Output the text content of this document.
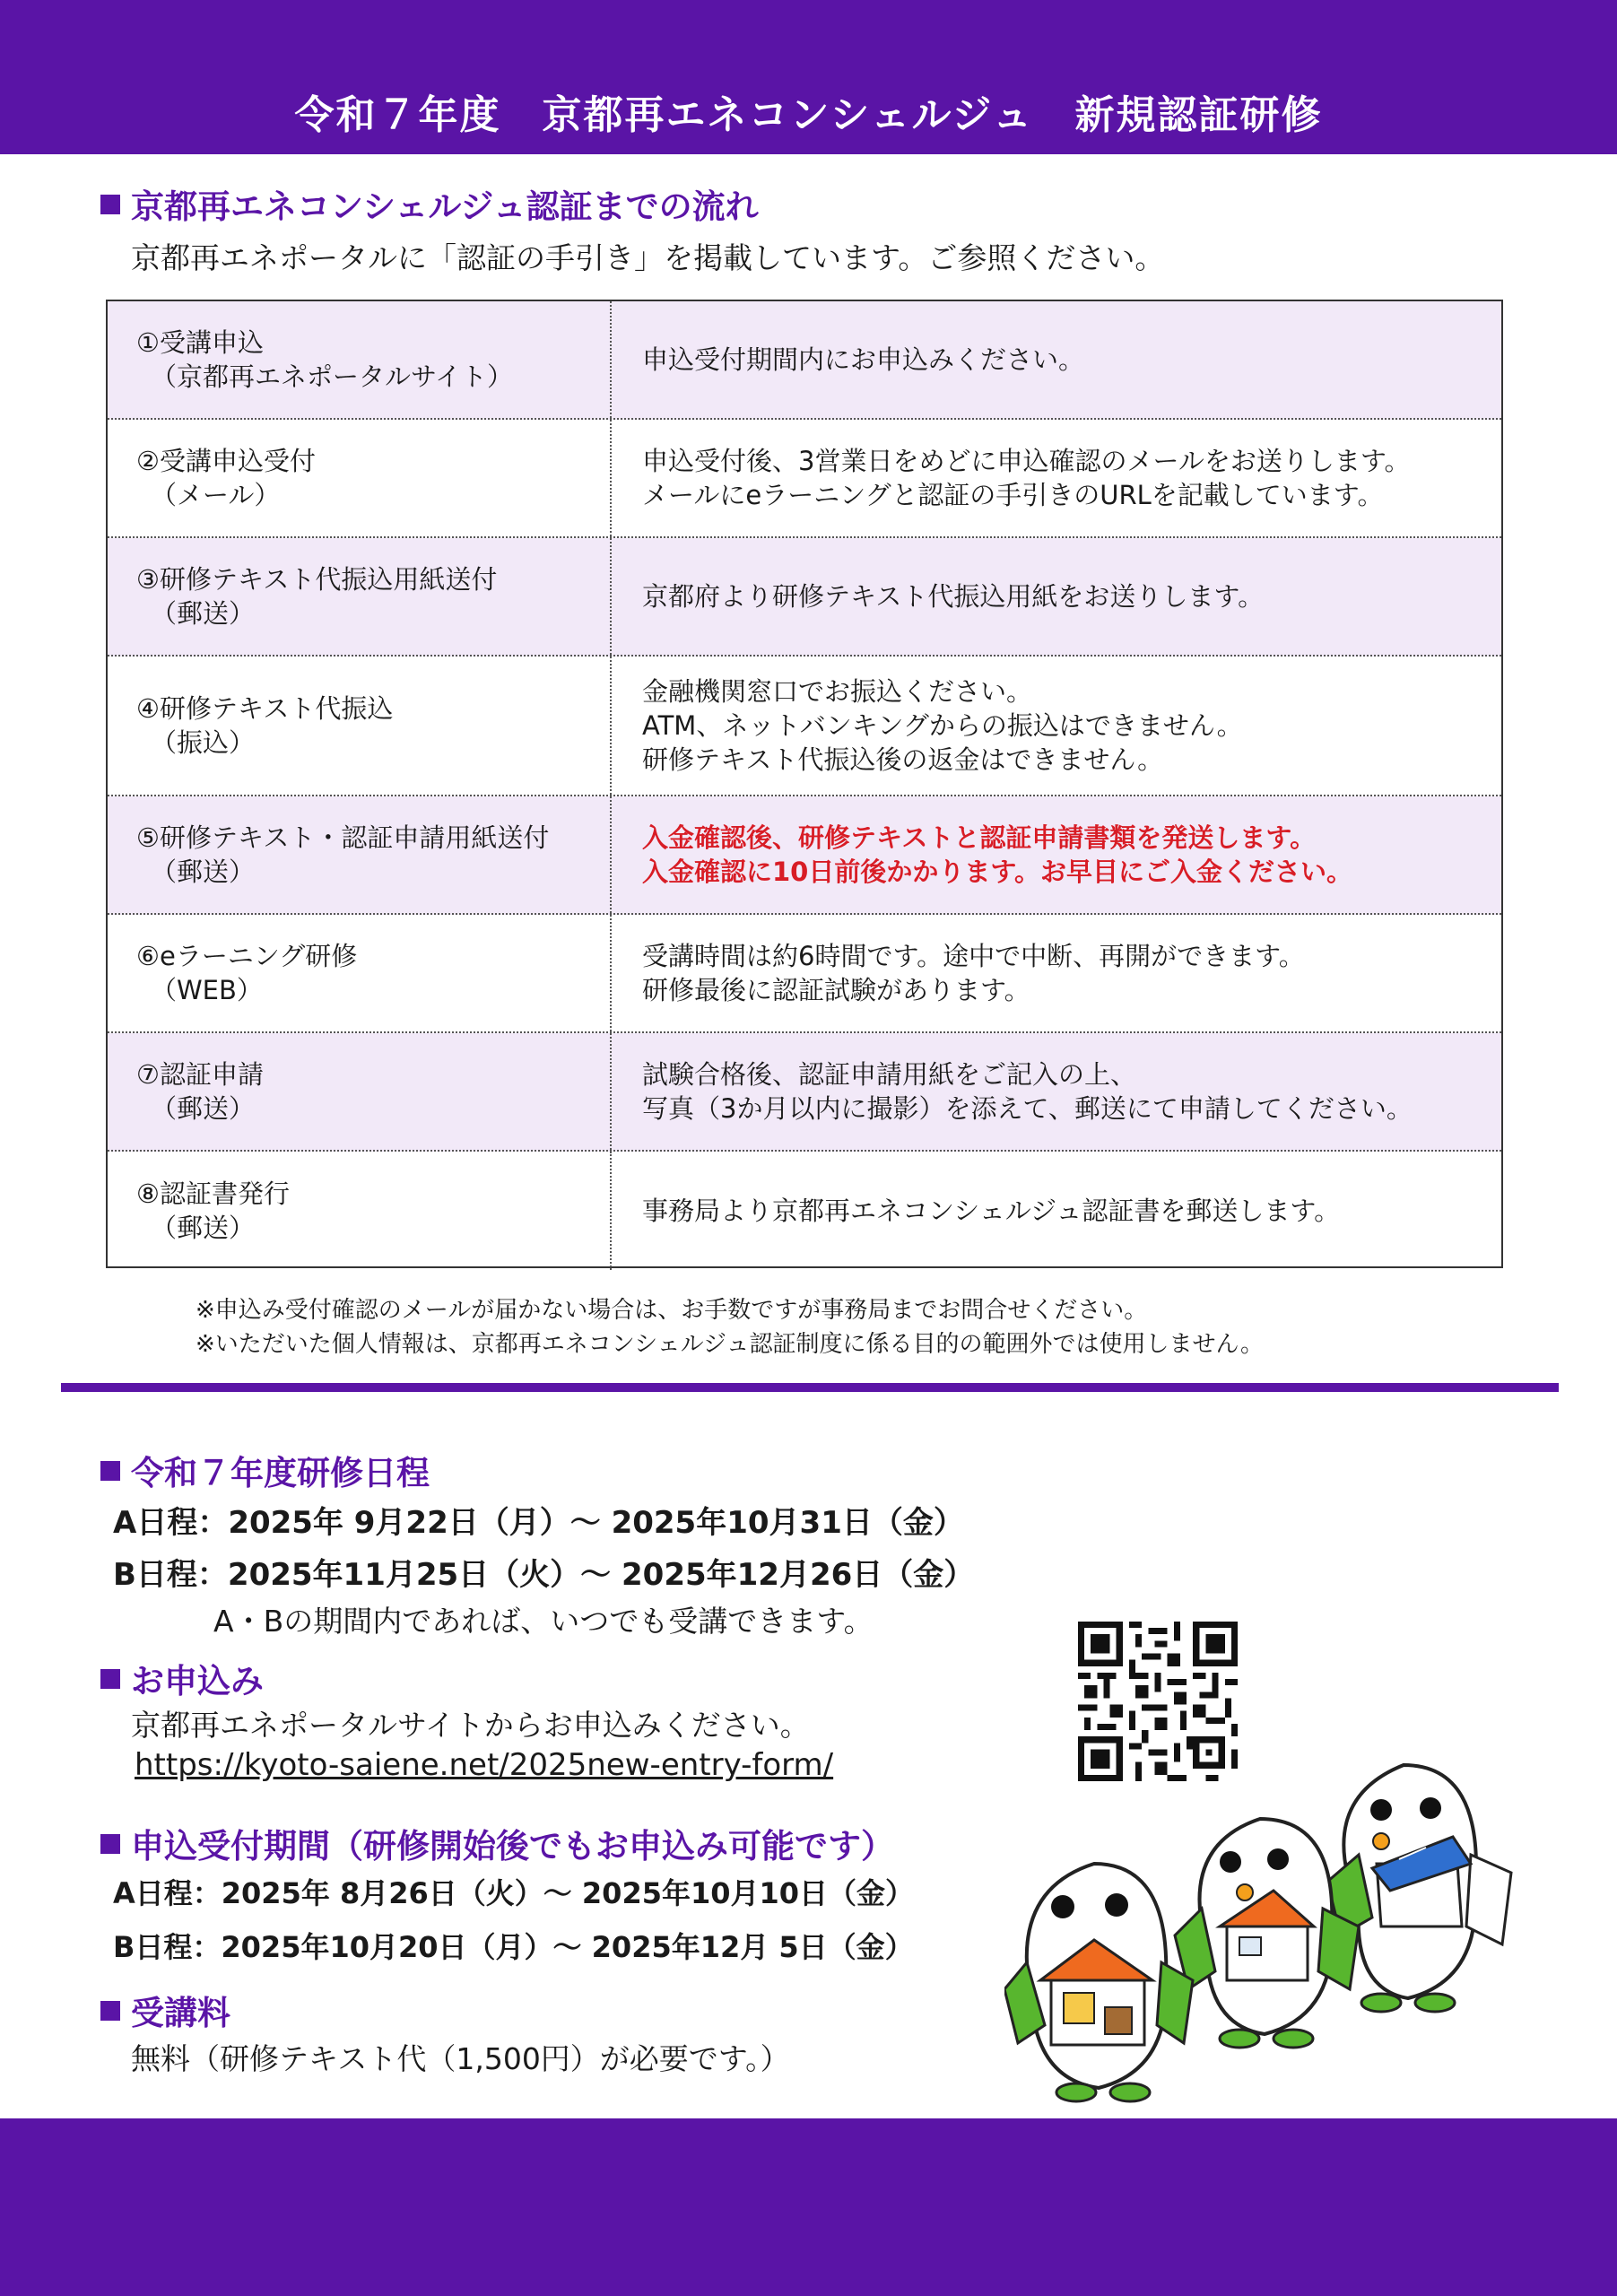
令和７年度　京都再エネコンシェルジュ　新規認証研修
京都再エネコンシェルジュ認証までの流れ
京都再エネポータルに「認証の手引き」を掲載しています。ご参照ください。
①受講申込
（京都再エネポータルサイト）
申込受付期間内にお申込みください。
②受講申込受付
（メール）
申込受付後、3営業日をめどに申込確認のメールをお送りします。
メールにeラーニングと認証の手引きのURLを記載しています。
③研修テキスト代振込用紙送付
（郵送）
京都府より研修テキスト代振込用紙をお送りします。
④研修テキスト代振込
（振込）
金融機関窓口でお振込ください。
ATM、ネットバンキングからの振込はできません。
研修テキスト代振込後の返金はできません。
⑤研修テキスト・認証申請用紙送付
（郵送）
入金確認後、研修テキストと認証申請書類を発送します。
入金確認に10日前後かかります。お早目にご入金ください。
⑥eラーニング研修
（WEB）
受講時間は約6時間です。途中で中断、再開ができます。
研修最後に認証試験があります。
⑦認証申請
（郵送）
試験合格後、認証申請用紙をご記入の上、
写真（3か月以内に撮影）を添えて、郵送にて申請してください。
⑧認証書発行
（郵送）
事務局より京都再エネコンシェルジュ認証書を郵送します。
※申込み受付確認のメールが届かない場合は、お手数ですが事務局までお問合せください。
※いただいた個人情報は、京都再エネコンシェルジュ認証制度に係る目的の範囲外では使用しません。
令和７年度研修日程
A日程：2025年 9月22日（月）～ 2025年10月31日（金）
B日程：2025年11月25日（火）～ 2025年12月26日（金）
A・Bの期間内であれば、いつでも受講できます。
お申込み
京都再エネポータルサイトからお申込みください。
https://kyoto-saiene.net/2025new-entry-form/
申込受付期間（研修開始後でもお申込み可能です）
A日程：2025年 8月26日（火）～ 2025年10月10日（金）
B日程：2025年10月20日（月）～ 2025年12月 5日（金）
受講料
無料（研修テキスト代（1,500円）が必要です。）
